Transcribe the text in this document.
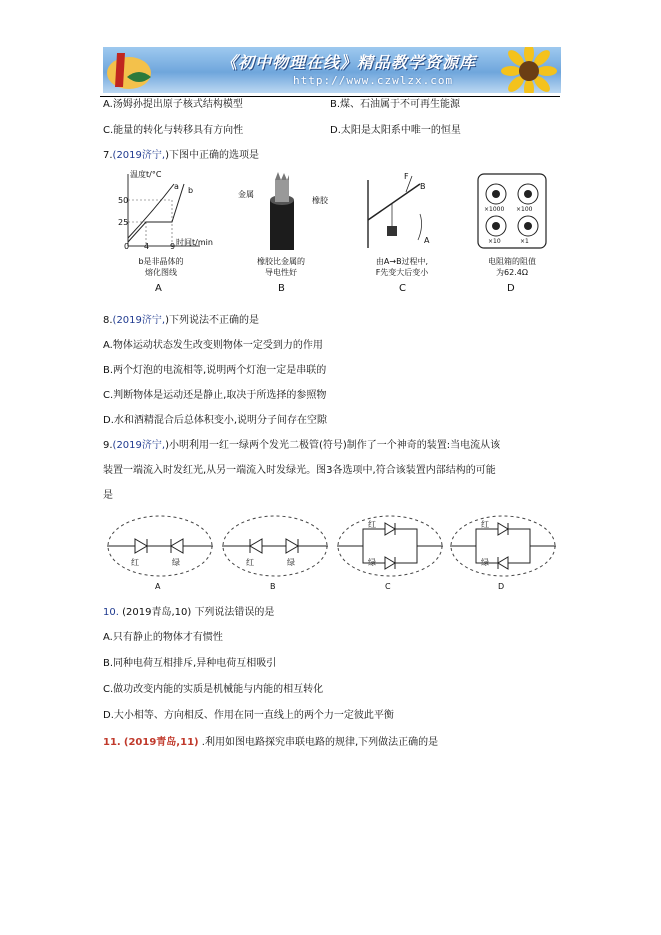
《初中物理在线》精品教学资源库
http://www.czwlzx.com
A.汤姆孙提出原子核式结构模型	B.煤、石油属于不可再生能源
C.能量的转化与转移具有方向性	D.太阳是太阳系中唯一的恒星
7.(2019济宁,)下图中正确的选项是
温度t/°C
时间t/min
50
25
0 4	9
a b
b是非晶体的
熔化图线
A
金属
橡胶
橡胶比金属的
导电性好
B
F
B
A
G
由A→B过程中,
F先变大后变小
C
×1000 ×100
×10	×1
电阻箱的阻值
为62.4Ω
D
8.(2019济宁,)下列说法不正确的是
A.物体运动状态发生改变则物体一定受到力的作用
B.两个灯泡的电流相等,说明两个灯泡一定是串联的
C.判断物体是运动还是静止,取决于所选择的参照物
D.水和酒精混合后总体积变小,说明分子间存在空隙
9.(2019济宁,)小明利用一红一绿两个发光二极管(符号)制作了一个神奇的装置:当电流从该
装置一端流入时发红光,从另一端流入时发绿光。图3各选项中,符合该装置内部结构的可能
是
红	绿	红	绿
红
绿
红
绿
A	B	C	D
10. (2019青岛,10) 下列说法错误的是
A.只有静止的物体才有惯性
B.同种电荷互相排斥,异种电荷互相吸引
C.做功改变内能的实质是机械能与内能的相互转化
D.大小相等、方向相反、作用在同一直线上的两个力一定彼此平衡
11. (2019青岛,11) .利用如图电路探究串联电路的规律,下列做法正确的是
